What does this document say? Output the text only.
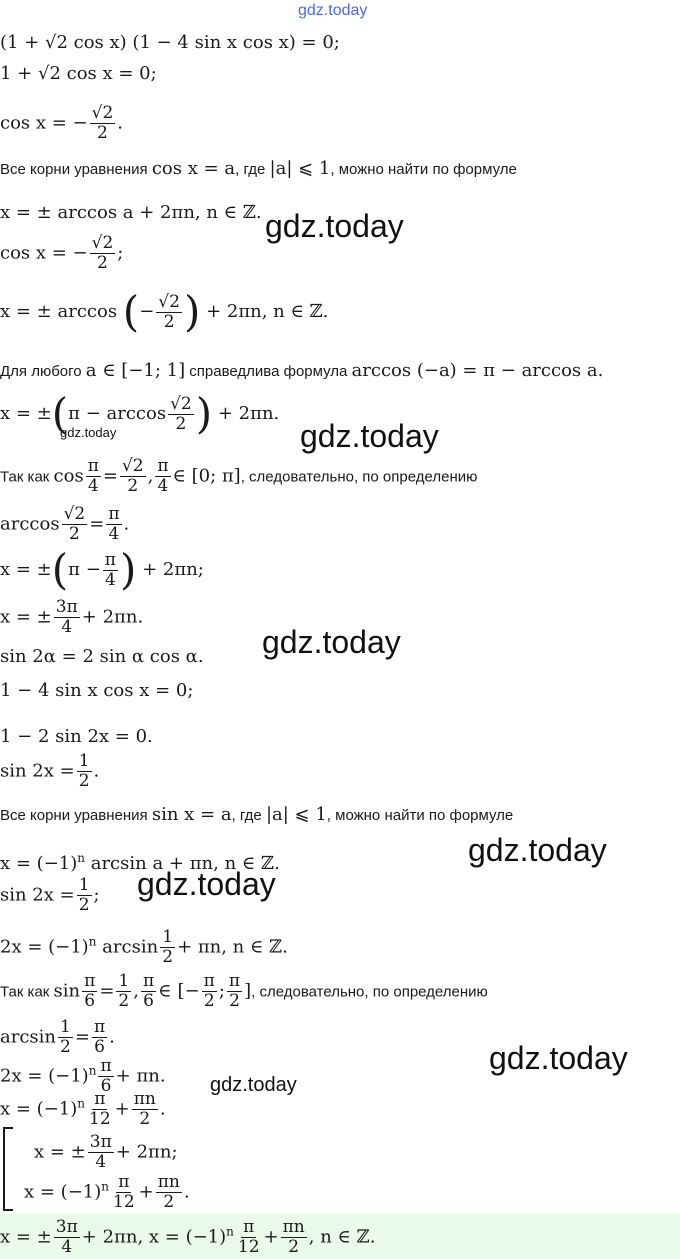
gdz.today
gdz.today
gdz.today
gdz.today
gdz.today
gdz.today
gdz.today
gdz.today
gdz.today
(1 + √2 cos x) (1 − 4 sin x cos x) = 0;
1 + √2 cos x = 0;
cos x = − $\frac{√2}{2}$ .
Все корни уравнения cos x = a, где |a| ⩽ 1, можно найти по формуле
x = ± arccos a + 2πn, n ∈ ℤ.
cos x = − $\frac{√2}{2}$ ;
x = ± arccos (− $\frac{√2}{2}$ ) + 2πn, n ∈ ℤ.
Для любого a ∈ [−1; 1] справедлива формула arccos (−a) = π − arccos a.
$x = \pm(\pi - \arccos \frac{√2}{2}$ ) + 2πn.
Так как $\cos \frac{\pi}{4} = \frac{√2}{2}$ , $\frac{\pi}{4}$ ∈ [0; π], следовательно, по определению
$\arccos \frac{√2}{2} = \frac{\pi}{4}$ .
$x = \pm(\pi - \frac{\pi}{4}$ ) + 2πn;
x = ± $\frac{3\pi}{4} + 2\pi n$.
sin 2α = 2 sin α cos α.
1 − 4 sin x cos x = 0;
1 − 2 sin 2x = 0.
$\sin 2x = \frac{1}{2}$ .
Все корни уравнения sin x = a, где |a| ⩽ 1, можно найти по формуле
$x = (-1)^n$ arcsin a + πn, n ∈ ℤ.
$\sin 2x = \frac{1}{2}$ ;
$2x = (-1)^n$ $\arcsin \frac{1}{2} + \pi n$, n ∈ ℤ.
Так как $\sin \frac{\pi}{6} = \frac{1}{2}$ , $\frac{\pi}{6}$ ∈ [− $\frac{\pi}{2}$ ; $\frac{\pi}{2}$ ], следовательно, по определению
$\arcsin \frac{1}{2} = \frac{\pi}{6}$ .
$2x = (-1)^n \frac{\pi}{6} + \pi n$.
$x = (-1)^n \frac{\pi}{12} + \frac{\pi n}{2}$ .
x = ± $\frac{3\pi}{4} + 2\pi n$;
$x = (-1)^n \frac{\pi}{12} + \frac{\pi n}{2}$ .
x = ± $\frac{3\pi}{4} + 2\pi n$, $x = (-1)^n \frac{\pi}{12} + \frac{\pi n}{2}$ , n ∈ ℤ.
